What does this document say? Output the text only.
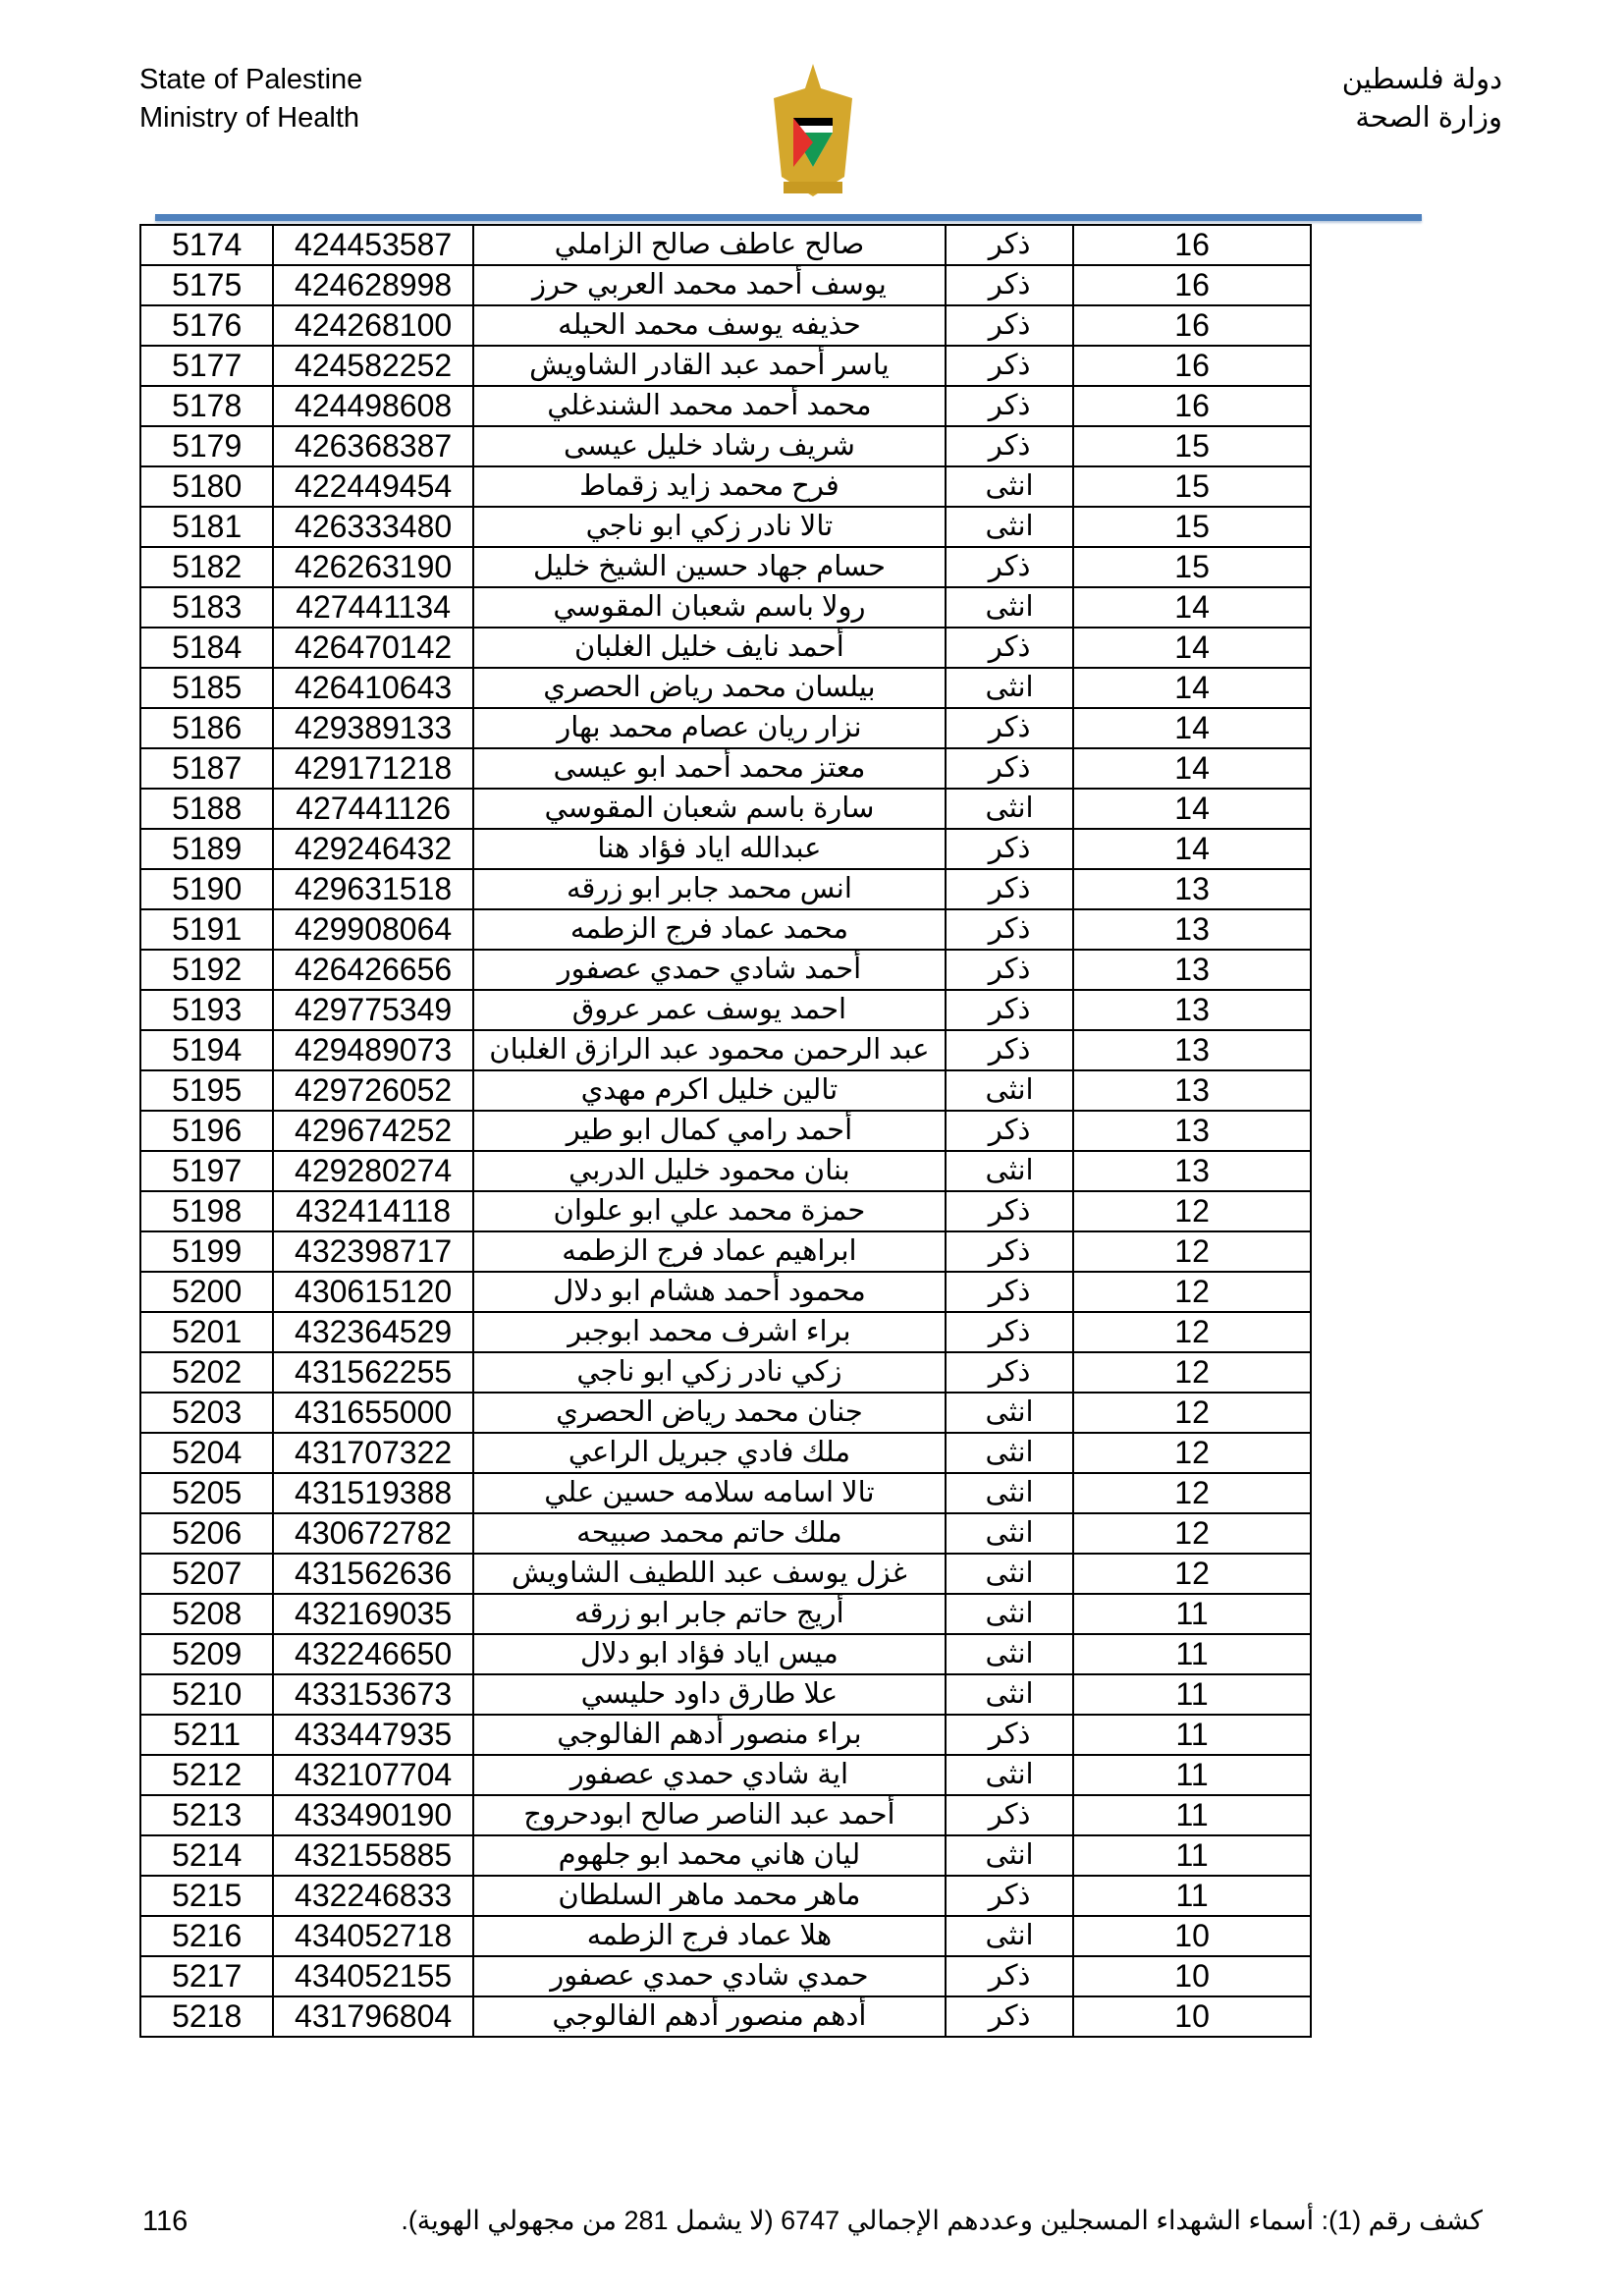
State of Palestine
Ministry of Health
دولة فلسطين
وزارة الصحة
5174	424453587	صالح عاطف صالح الزاملي	ذكر	16
5175	424628998	يوسف أحمد محمد العربي حرز	ذكر	16
5176	424268100	حذيفه يوسف محمد الحيله	ذكر	16
5177	424582252	ياسر أحمد عبد القادر الشاويش	ذكر	16
5178	424498608	محمد أحمد محمد الشندغلي	ذكر	16
5179	426368387	شريف رشاد خليل عيسى	ذكر	15
5180	422449454	فرح محمد زايد زقماط	انثى	15
5181	426333480	تالا نادر زكي ابو ناجي	انثى	15
5182	426263190	حسام جهاد حسين الشيخ خليل	ذكر	15
5183	427441134	رولا باسم شعبان المقوسي	انثى	14
5184	426470142	أحمد نايف خليل الغلبان	ذكر	14
5185	426410643	بيلسان محمد رياض الحصري	انثى	14
5186	429389133	نزار ريان عصام محمد بهار	ذكر	14
5187	429171218	معتز محمد أحمد ابو عيسى	ذكر	14
5188	427441126	سارة باسم شعبان المقوسي	انثى	14
5189	429246432	عبدالله اياد فؤاد هنا	ذكر	14
5190	429631518	انس محمد جابر ابو زرقه	ذكر	13
5191	429908064	محمد عماد فرج الزطمه	ذكر	13
5192	426426656	أحمد شادي حمدي عصفور	ذكر	13
5193	429775349	احمد يوسف عمر عروق	ذكر	13
5194	429489073	عبد الرحمن محمود عبد الرازق الغلبان	ذكر	13
5195	429726052	تالين خليل اكرم مهدي	انثى	13
5196	429674252	أحمد رامي كمال ابو طير	ذكر	13
5197	429280274	بنان محمود خليل الدربي	انثى	13
5198	432414118	حمزة محمد علي ابو علوان	ذكر	12
5199	432398717	ابراهيم عماد فرج الزطمه	ذكر	12
5200	430615120	محمود أحمد هشام ابو دلال	ذكر	12
5201	432364529	براء اشرف محمد ابوجبر	ذكر	12
5202	431562255	زكي نادر زكي ابو ناجي	ذكر	12
5203	431655000	جنان محمد رياض الحصري	انثى	12
5204	431707322	ملك فادي جبريل الراعي	انثى	12
5205	431519388	تالا اسامه سلامه حسين علي	انثى	12
5206	430672782	ملك حاتم محمد صبيحه	انثى	12
5207	431562636	غزل يوسف عبد اللطيف الشاويش	انثى	12
5208	432169035	أريج حاتم جابر ابو زرقه	انثى	11
5209	432246650	ميس اياد فؤاد ابو دلال	انثى	11
5210	433153673	علا طارق داود حليسي	انثى	11
5211	433447935	براء منصور أدهم الفالوجي	ذكر	11
5212	432107704	اية شادي حمدي عصفور	انثى	11
5213	433490190	أحمد عبد الناصر صالح ابودحروج	ذكر	11
5214	432155885	ليان هاني محمد ابو جلهوم	انثى	11
5215	432246833	ماهر محمد ماهر السلطان	ذكر	11
5216	434052718	هلا عماد فرج الزطمه	انثى	10
5217	434052155	حمدي شادي حمدي عصفور	ذكر	10
5218	431796804	أدهم منصور أدهم الفالوجي	ذكر	10
116	كشف رقم (1): أسماء الشهداء المسجلين وعددهم الإجمالي 6747 (لا يشمل 281 من مجهولي الهوية).
